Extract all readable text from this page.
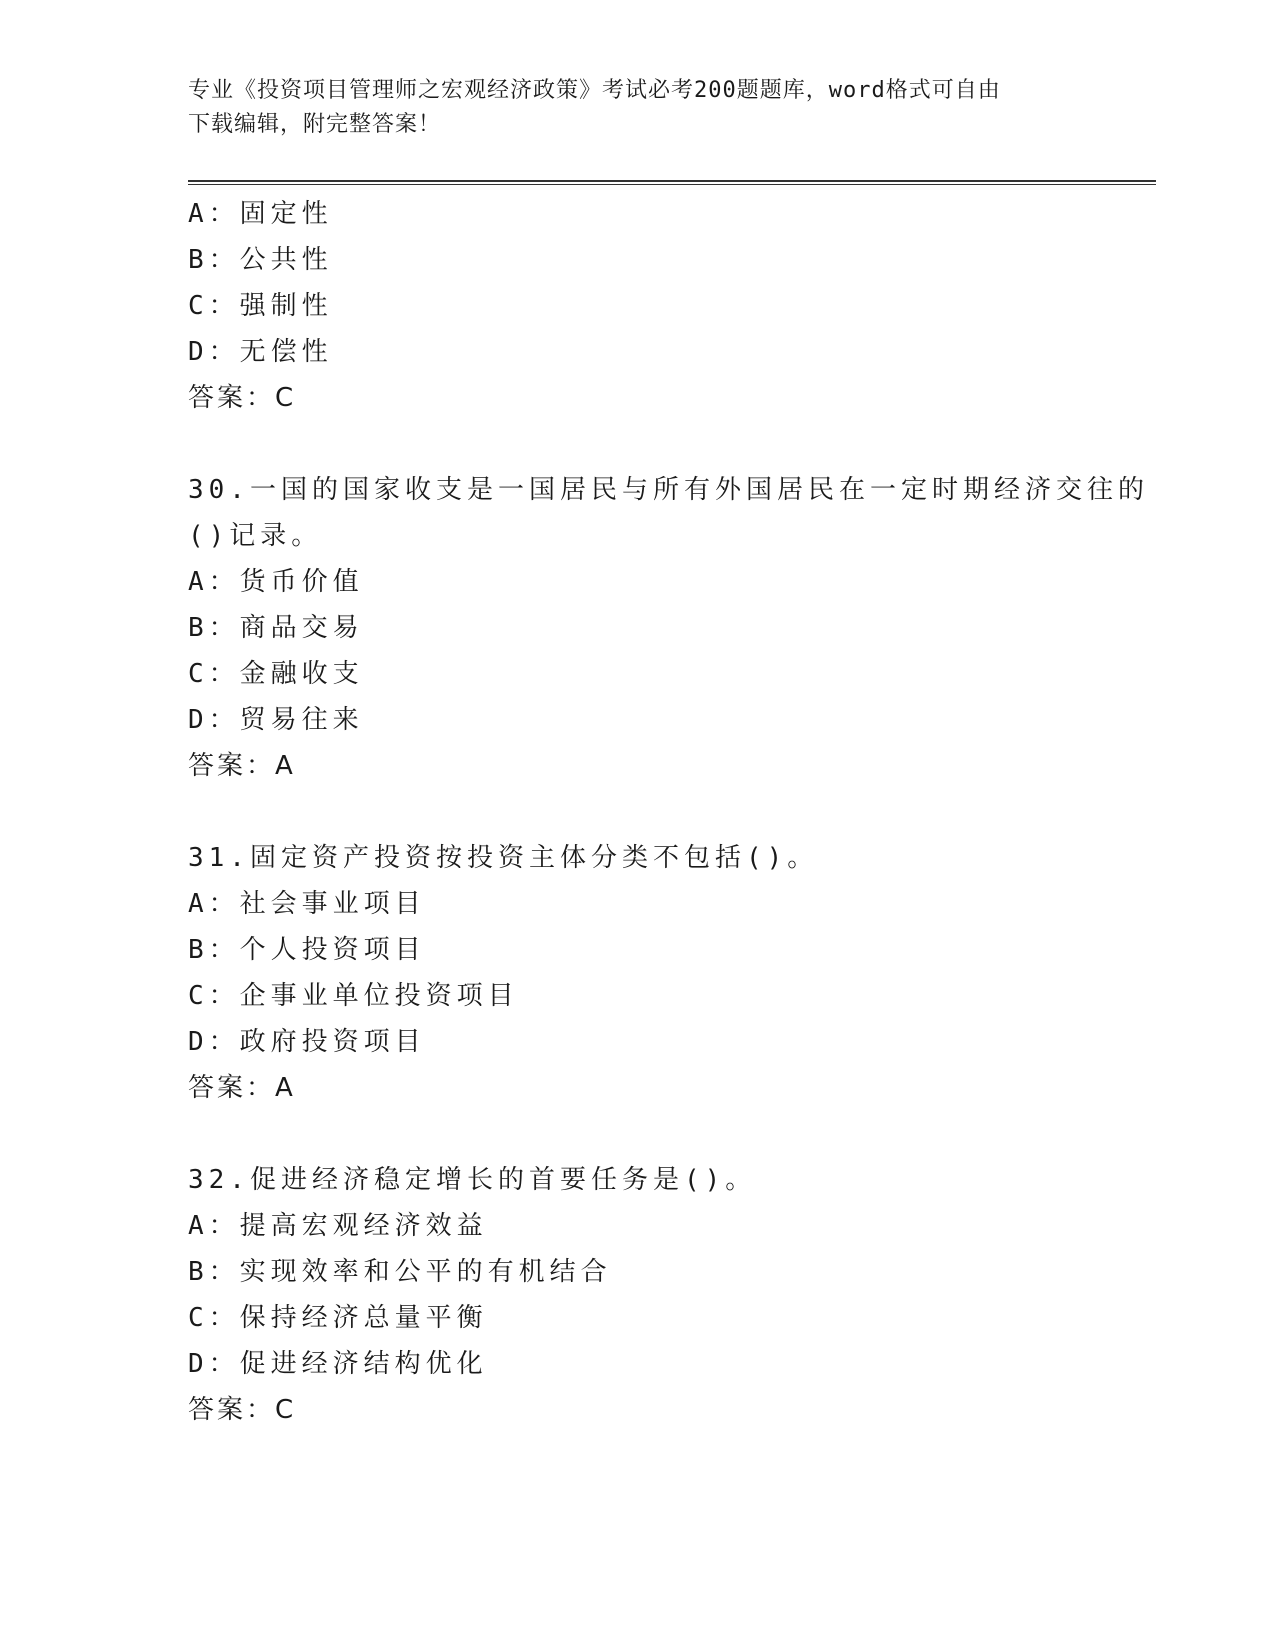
专业《投资项目管理师之宏观经济政策》考试必考200题题库，word格式可自由
下载编辑，附完整答案！
A：固定性
B：公共性
C：强制性
D：无偿性
答案：C
30.一国的国家收支是一国居民与所有外国居民在一定时期经济交往的
()记录。
A：货币价值
B：商品交易
C：金融收支
D：贸易往来
答案：A
31.固定资产投资按投资主体分类不包括()。
A：社会事业项目
B：个人投资项目
C：企事业单位投资项目
D：政府投资项目
答案：A
32.促进经济稳定增长的首要任务是()。
A：提高宏观经济效益
B：实现效率和公平的有机结合
C：保持经济总量平衡
D：促进经济结构优化
答案：C
